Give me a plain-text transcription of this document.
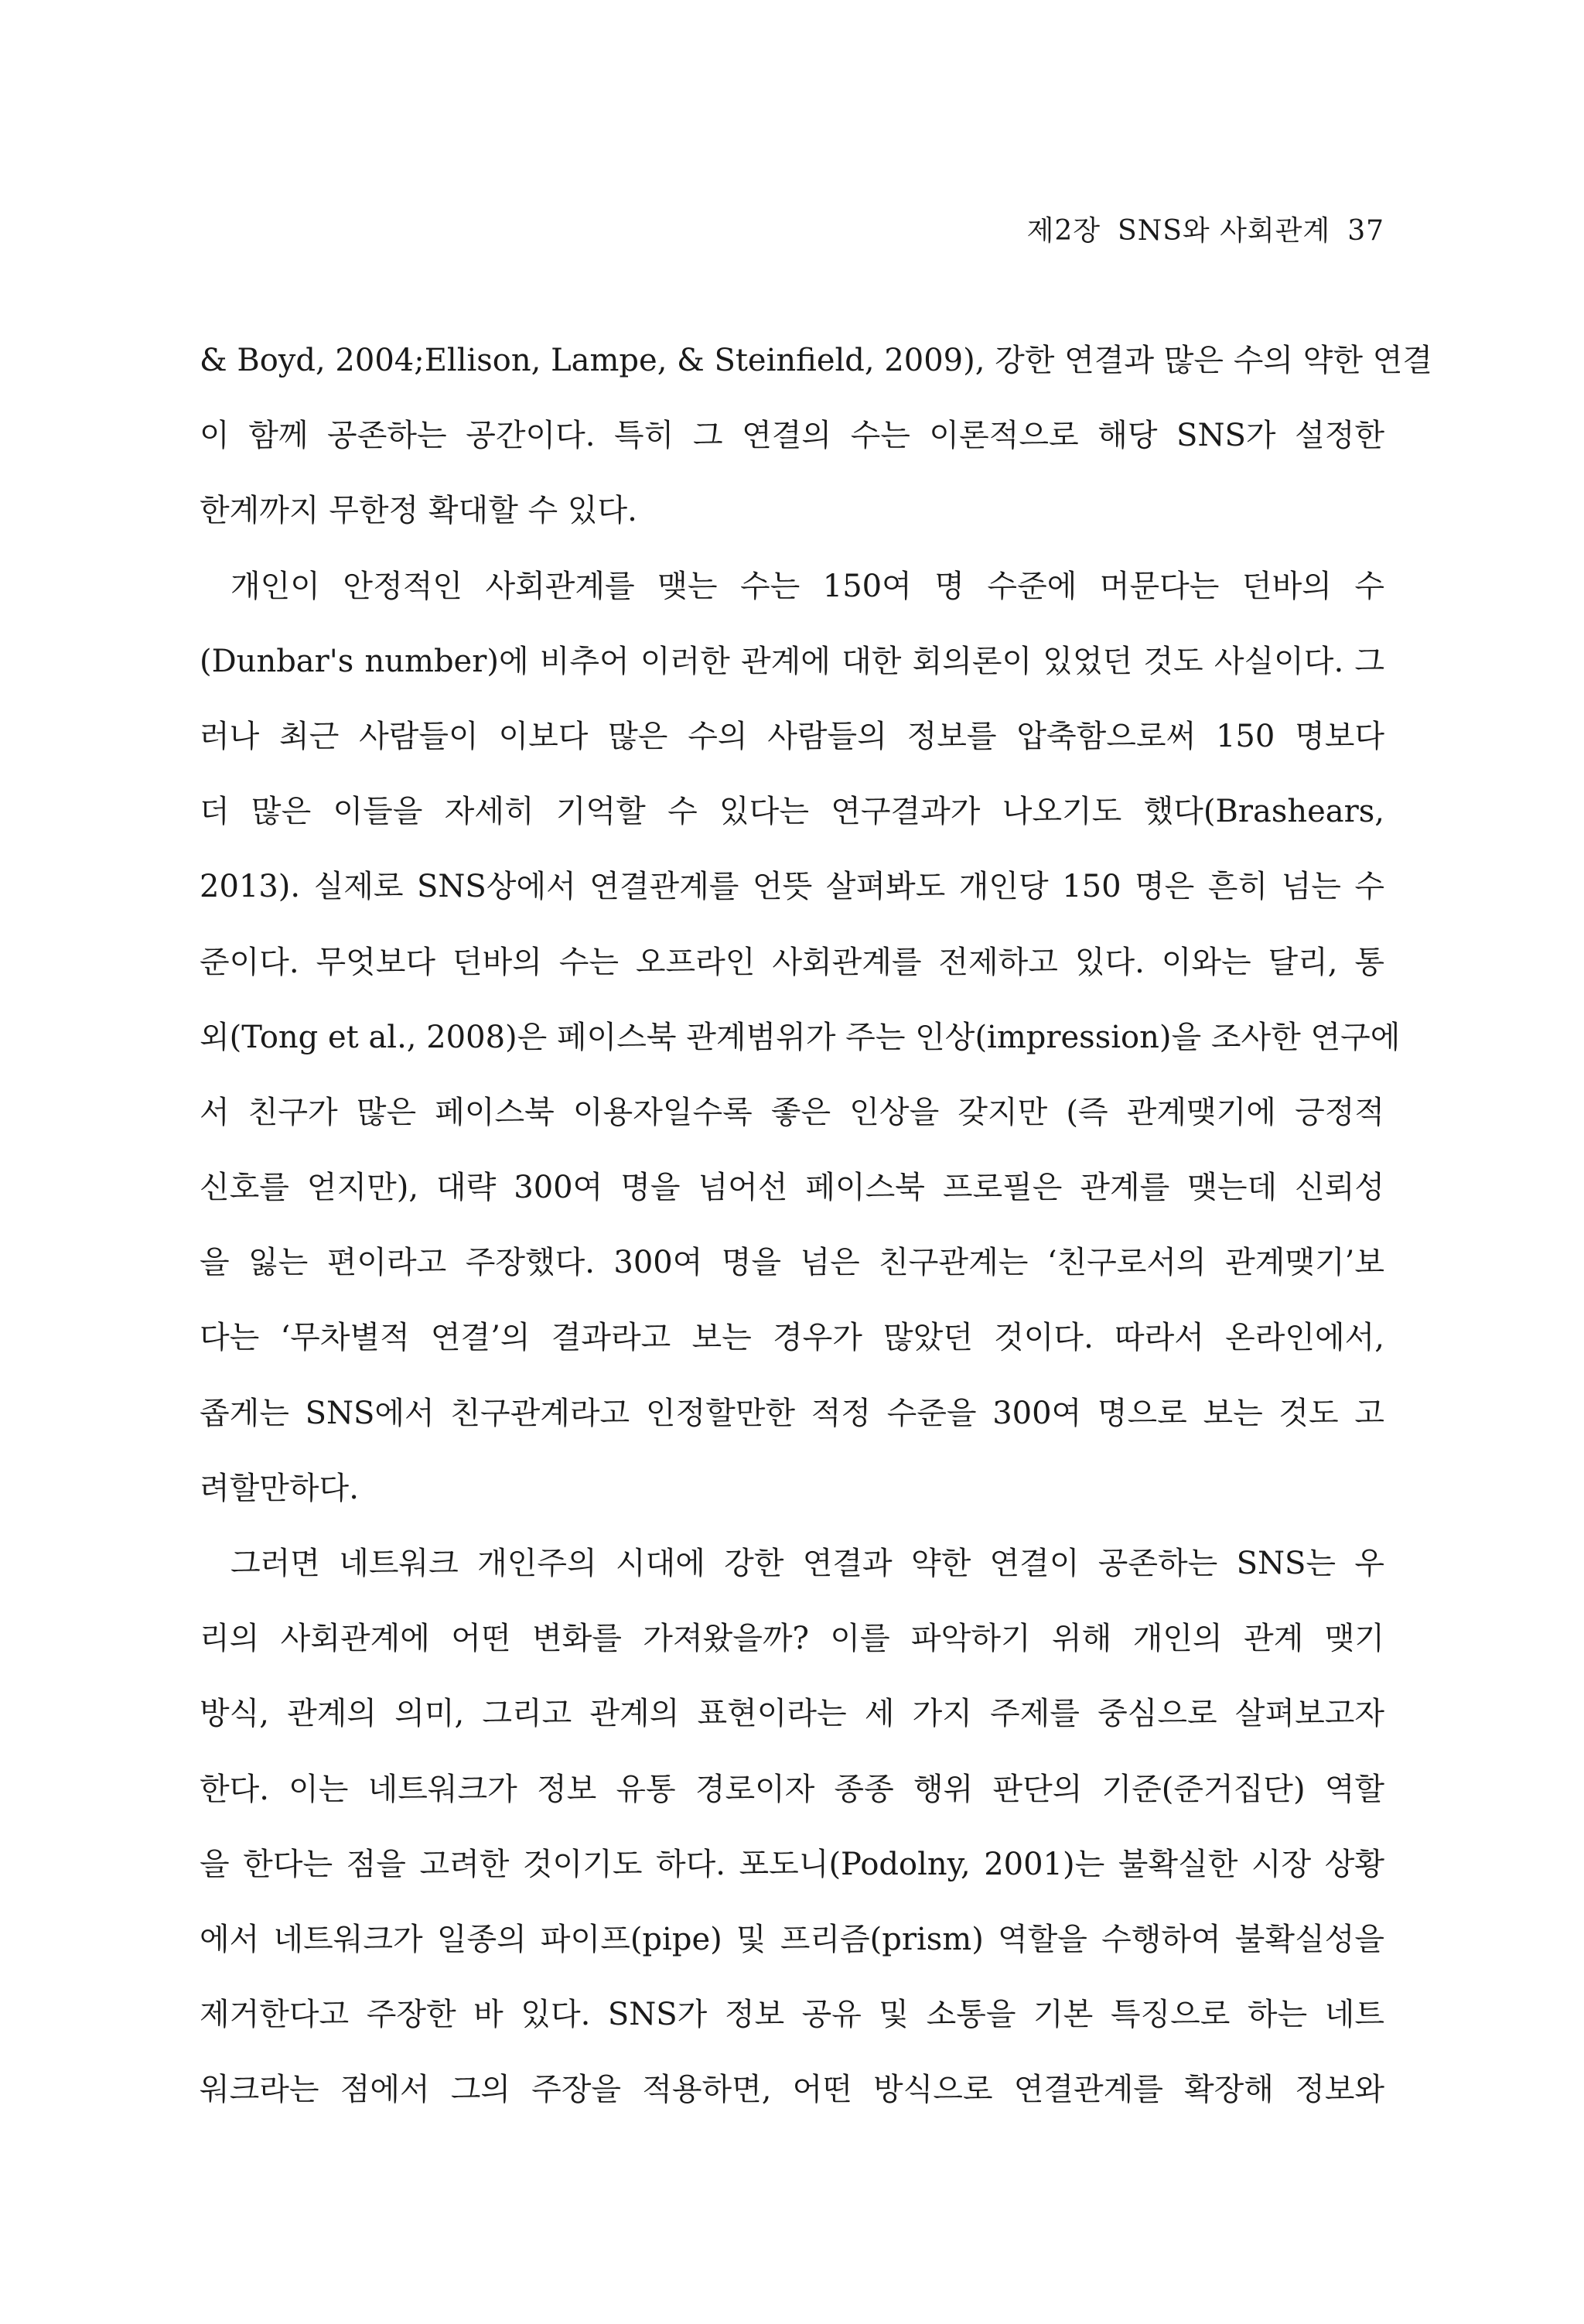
제2장 SNS와 사회관계 37
& Boyd, 2004;Ellison, Lampe, & Steinfield, 2009), 강한 연결과 많은 수의 약한 연결
이 함께 공존하는 공간이다. 특히 그 연결의 수는 이론적으로 해당 SNS가 설정한
한계까지 무한정 확대할 수 있다.
개인이 안정적인 사회관계를 맺는 수는 150여 명 수준에 머문다는 던바의 수
(Dunbar's number)에 비추어 이러한 관계에 대한 회의론이 있었던 것도 사실이다. 그
러나 최근 사람들이 이보다 많은 수의 사람들의 정보를 압축함으로써 150 명보다
더 많은 이들을 자세히 기억할 수 있다는 연구결과가 나오기도 했다(Brashears,
2013). 실제로 SNS상에서 연결관계를 언뜻 살펴봐도 개인당 150 명은 흔히 넘는 수
준이다. 무엇보다 던바의 수는 오프라인 사회관계를 전제하고 있다. 이와는 달리, 통
외(Tong et al., 2008)은 페이스북 관계범위가 주는 인상(impression)을 조사한 연구에
서 친구가 많은 페이스북 이용자일수록 좋은 인상을 갖지만 (즉 관계맺기에 긍정적
신호를 얻지만), 대략 300여 명을 넘어선 페이스북 프로필은 관계를 맺는데 신뢰성
을 잃는 편이라고 주장했다. 300여 명을 넘은 친구관계는 ‘친구로서의 관계맺기’보
다는 ‘무차별적 연결’의 결과라고 보는 경우가 많았던 것이다. 따라서 온라인에서,
좁게는 SNS에서 친구관계라고 인정할만한 적정 수준을 300여 명으로 보는 것도 고
려할만하다.
그러면 네트워크 개인주의 시대에 강한 연결과 약한 연결이 공존하는 SNS는 우
리의 사회관계에 어떤 변화를 가져왔을까? 이를 파악하기 위해 개인의 관계 맺기
방식, 관계의 의미, 그리고 관계의 표현이라는 세 가지 주제를 중심으로 살펴보고자
한다. 이는 네트워크가 정보 유통 경로이자 종종 행위 판단의 기준(준거집단) 역할
을 한다는 점을 고려한 것이기도 하다. 포도니(Podolny, 2001)는 불확실한 시장 상황
에서 네트워크가 일종의 파이프(pipe) 및 프리즘(prism) 역할을 수행하여 불확실성을
제거한다고 주장한 바 있다. SNS가 정보 공유 및 소통을 기본 특징으로 하는 네트
워크라는 점에서 그의 주장을 적용하면, 어떤 방식으로 연결관계를 확장해 정보와
